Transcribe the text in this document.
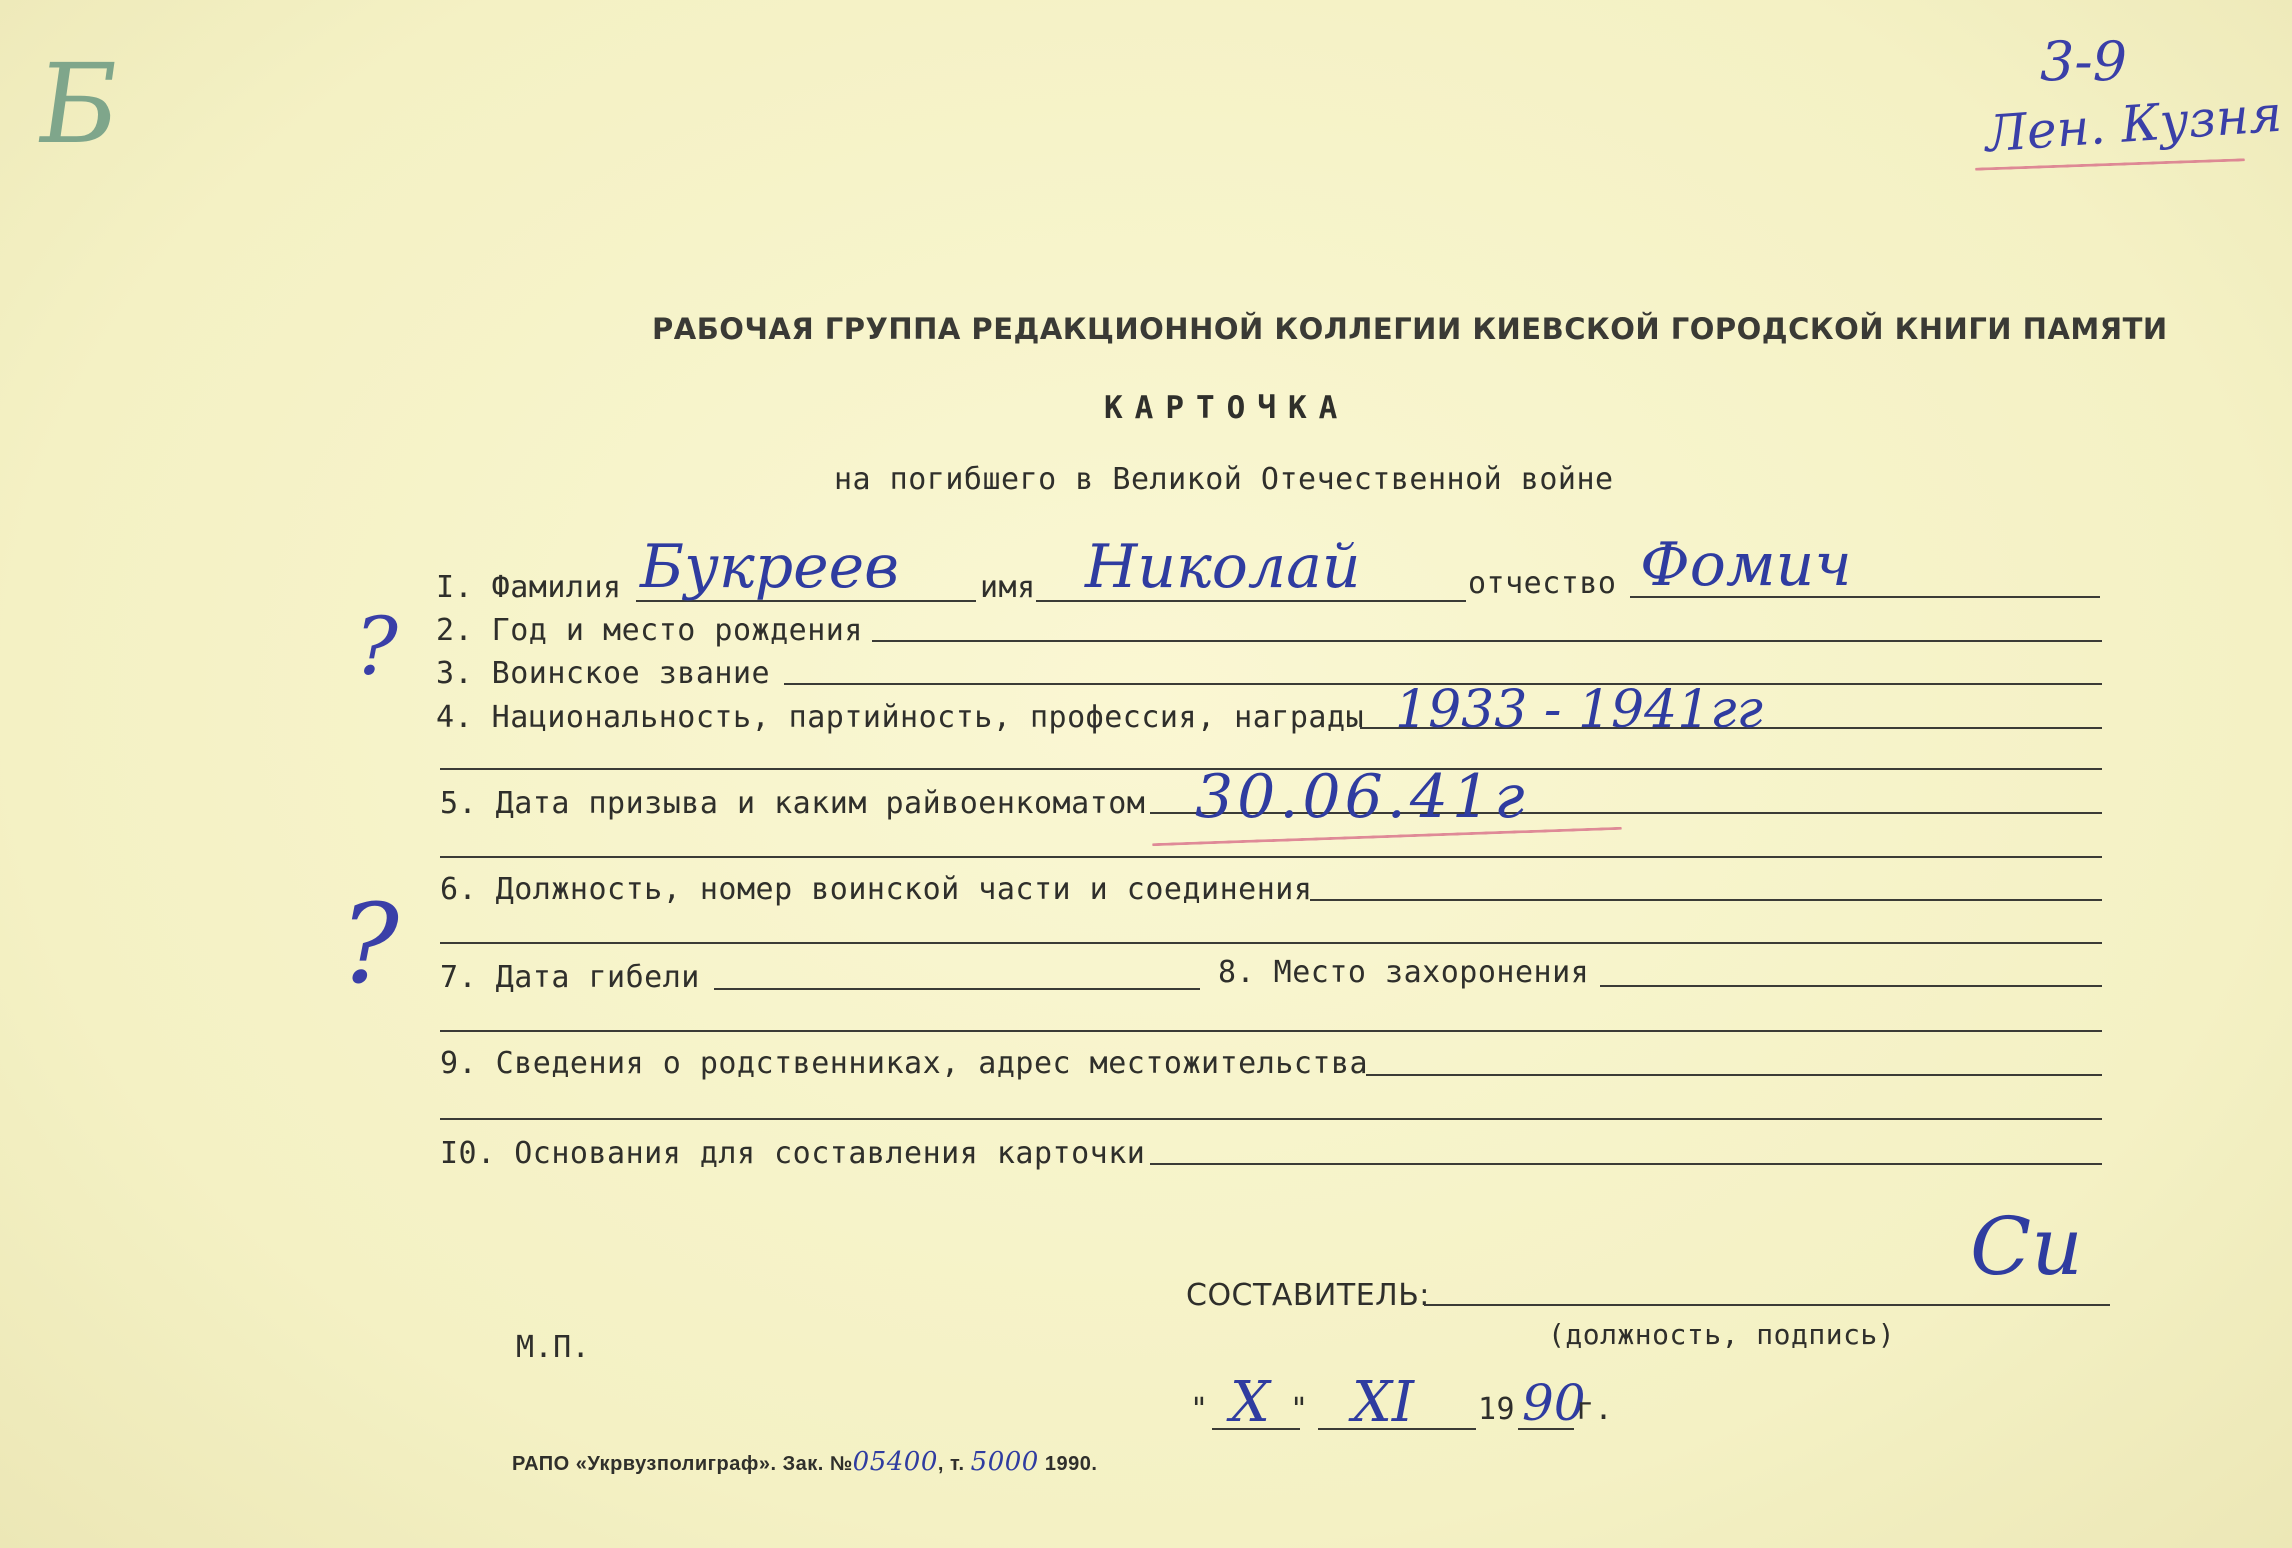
Б	3-9
Лен. Кузня
РАБОЧАЯ ГРУППА РЕДАКЦИОННОЙ КОЛЛЕГИИ КИЕВСКОЙ ГОРОДСКОЙ КНИГИ ПАМЯТИ
КАРТОЧКА
на погибшего в Великой Отечественной войне
I. Фамилия Букреев	имя Николай	отчество Фомич
2. Год и место рождения
3. Воинское звание
4. Национальность, партийность, профессия, награды 1933 - 1941гг
5. Дата призыва и каким райвоенкоматом 30.06.41г
6. Должность, номер воинской части и соединения
7. Дата гибели	8. Место захоронения
9. Сведения о родственниках, адрес местожительства
I0. Основания для составления карточки
?
?
СОСТАВИТЕЛЬ:
Си
(должность, подпись)
М.П.
" Х " ХІ 19 90
г.
РАПО «Укрвузполиграф». Зак. №05400, т. 5000 1990.
